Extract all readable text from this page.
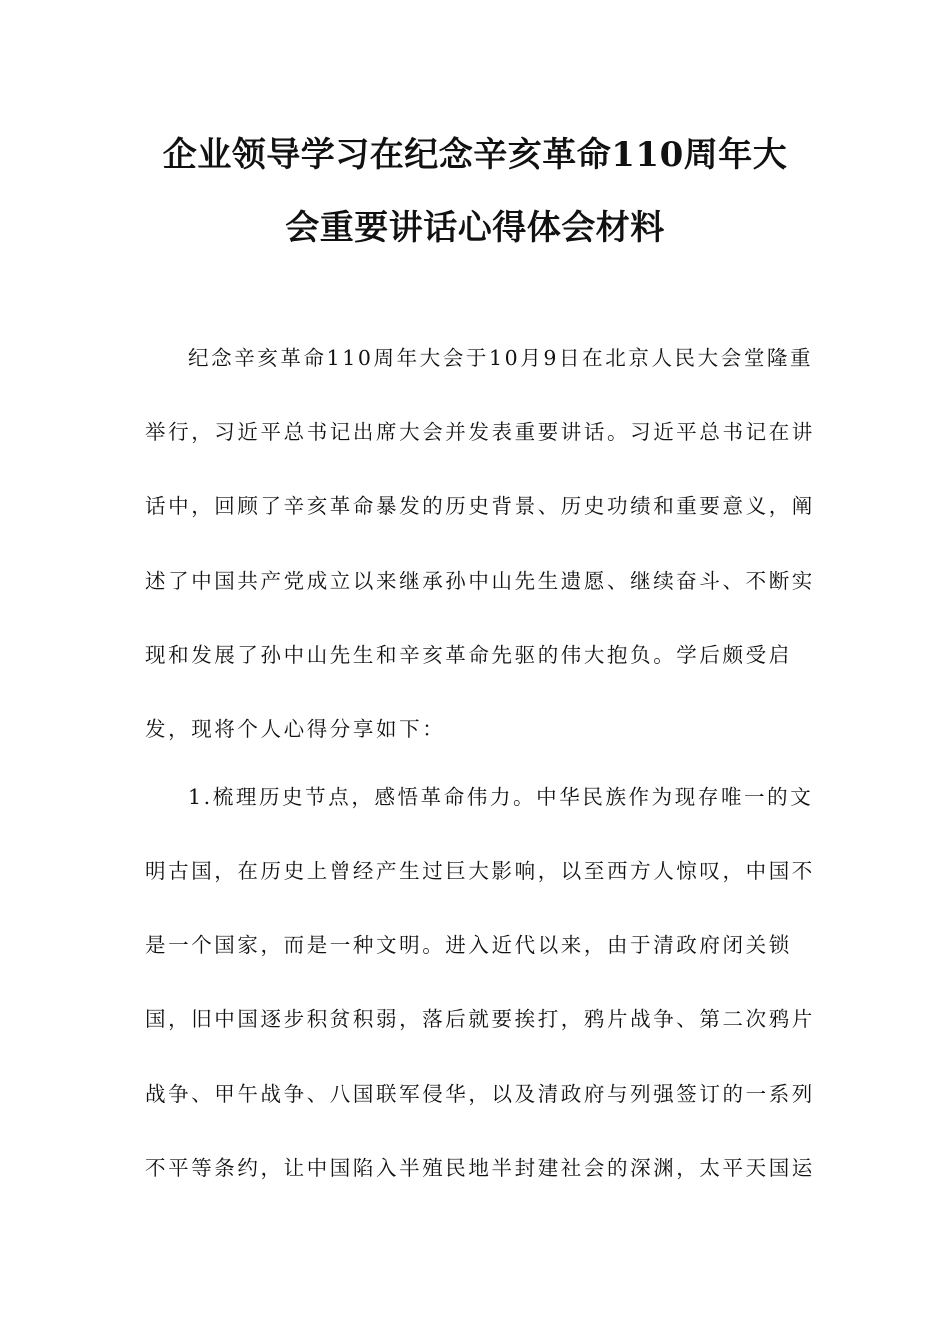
企业领导学习在纪念辛亥革命110周年大
会重要讲话心得体会材料
纪念辛亥革命110周年大会于10月9日在北京人民大会堂隆重
举行，习近平总书记出席大会并发表重要讲话。习近平总书记在讲
话中，回顾了辛亥革命暴发的历史背景、历史功绩和重要意义，阐
述了中国共产党成立以来继承孙中山先生遗愿、继续奋斗、不断实
现和发展了孙中山先生和辛亥革命先驱的伟大抱负。学后颇受启
发，现将个人心得分享如下：
1.梳理历史节点，感悟革命伟力。中华民族作为现存唯一的文
明古国，在历史上曾经产生过巨大影响，以至西方人惊叹，中国不
是一个国家，而是一种文明。进入近代以来，由于清政府闭关锁
国，旧中国逐步积贫积弱，落后就要挨打，鸦片战争、第二次鸦片
战争、甲午战争、八国联军侵华，以及清政府与列强签订的一系列
不平等条约，让中国陷入半殖民地半封建社会的深渊，太平天国运
